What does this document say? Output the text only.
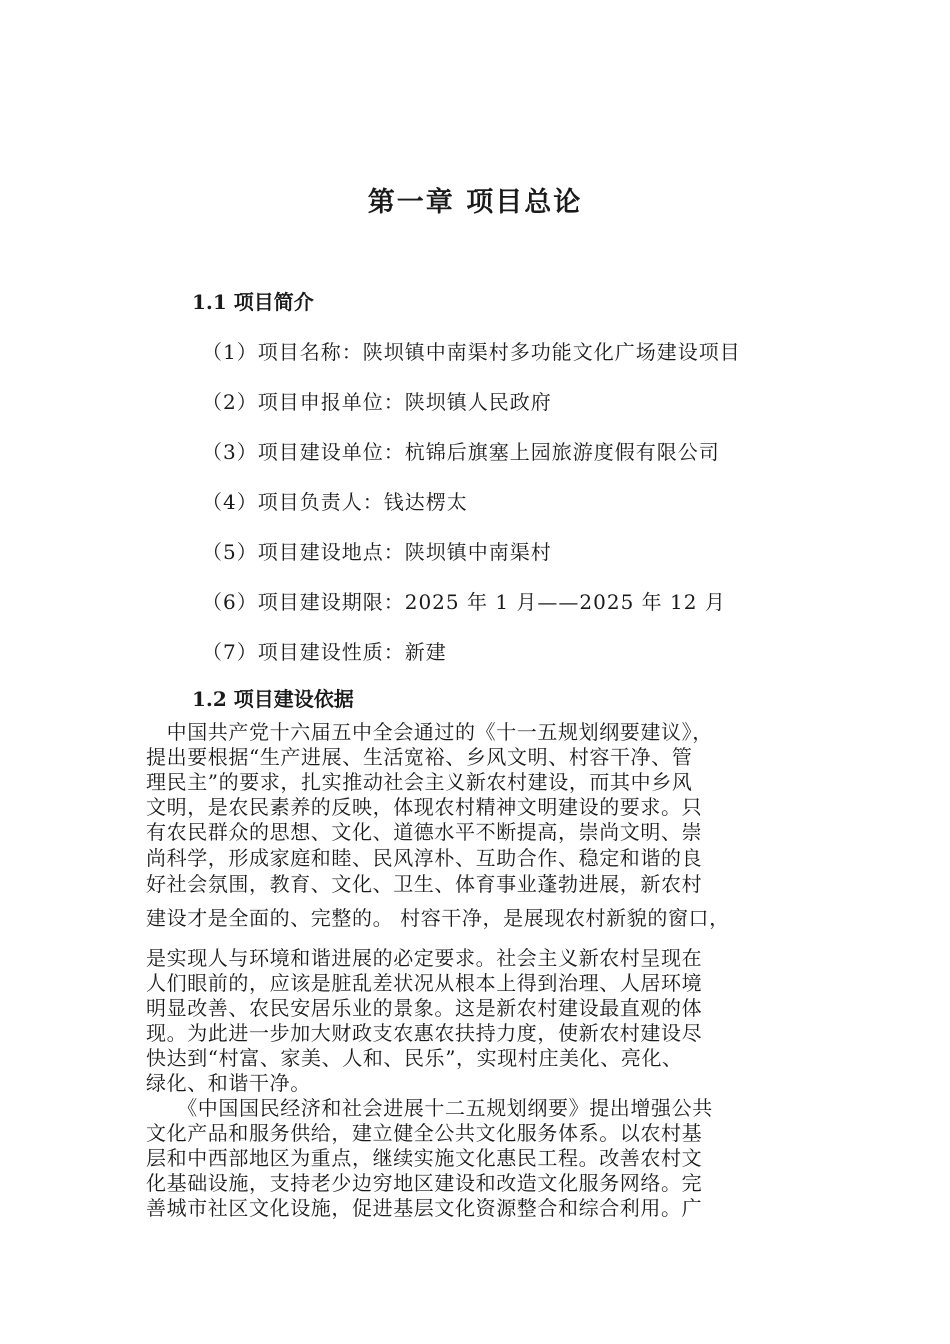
第一章 项目总论
1.1 项目简介
（1）项目名称：陕坝镇中南渠村多功能文化广场建设项目
（2）项目申报单位：陕坝镇人民政府
（3）项目建设单位：杭锦后旗塞上园旅游度假有限公司
（4）项目负责人：钱达楞太
（5）项目建设地点：陕坝镇中南渠村
（6）项目建设期限：2025 年 1 月——2025 年 12 月
（7）项目建设性质：新建
1.2 项目建设依据
　中国共产党十六届五中全会通过的《十一五规划纲要建议》，
提出要根据“生产进展、生活宽裕、乡风文明、村容干净、管
理民主”的要求，扎实推动社会主义新农村建设，而其中乡风
文明，是农民素养的反映，体现农村精神文明建设的要求。只
有农民群众的思想、文化、道德水平不断提高，崇尚文明、崇
尚科学，形成家庭和睦、民风淳朴、互助合作、稳定和谐的良
好社会氛围，教育、文化、卫生、体育事业蓬勃进展，新农村
建设才是全面的、完整的。 村容干净，是展现农村新貌的窗口，
是实现人与环境和谐进展的必定要求。社会主义新农村呈现在
人们眼前的，应该是脏乱差状况从根本上得到治理、人居环境
明显改善、农民安居乐业的景象。这是新农村建设最直观的体
现。为此进一步加大财政支农惠农扶持力度，使新农村建设尽
快达到“村富、家美、人和、民乐”，实现村庄美化、亮化、
绿化、和谐干净。
　　《中国国民经济和社会进展十二五规划纲要》提出增强公共
文化产品和服务供给，建立健全公共文化服务体系。以农村基
层和中西部地区为重点，继续实施文化惠民工程。改善农村文
化基础设施，支持老少边穷地区建设和改造文化服务网络。完
善城市社区文化设施，促进基层文化资源整合和综合利用。广
